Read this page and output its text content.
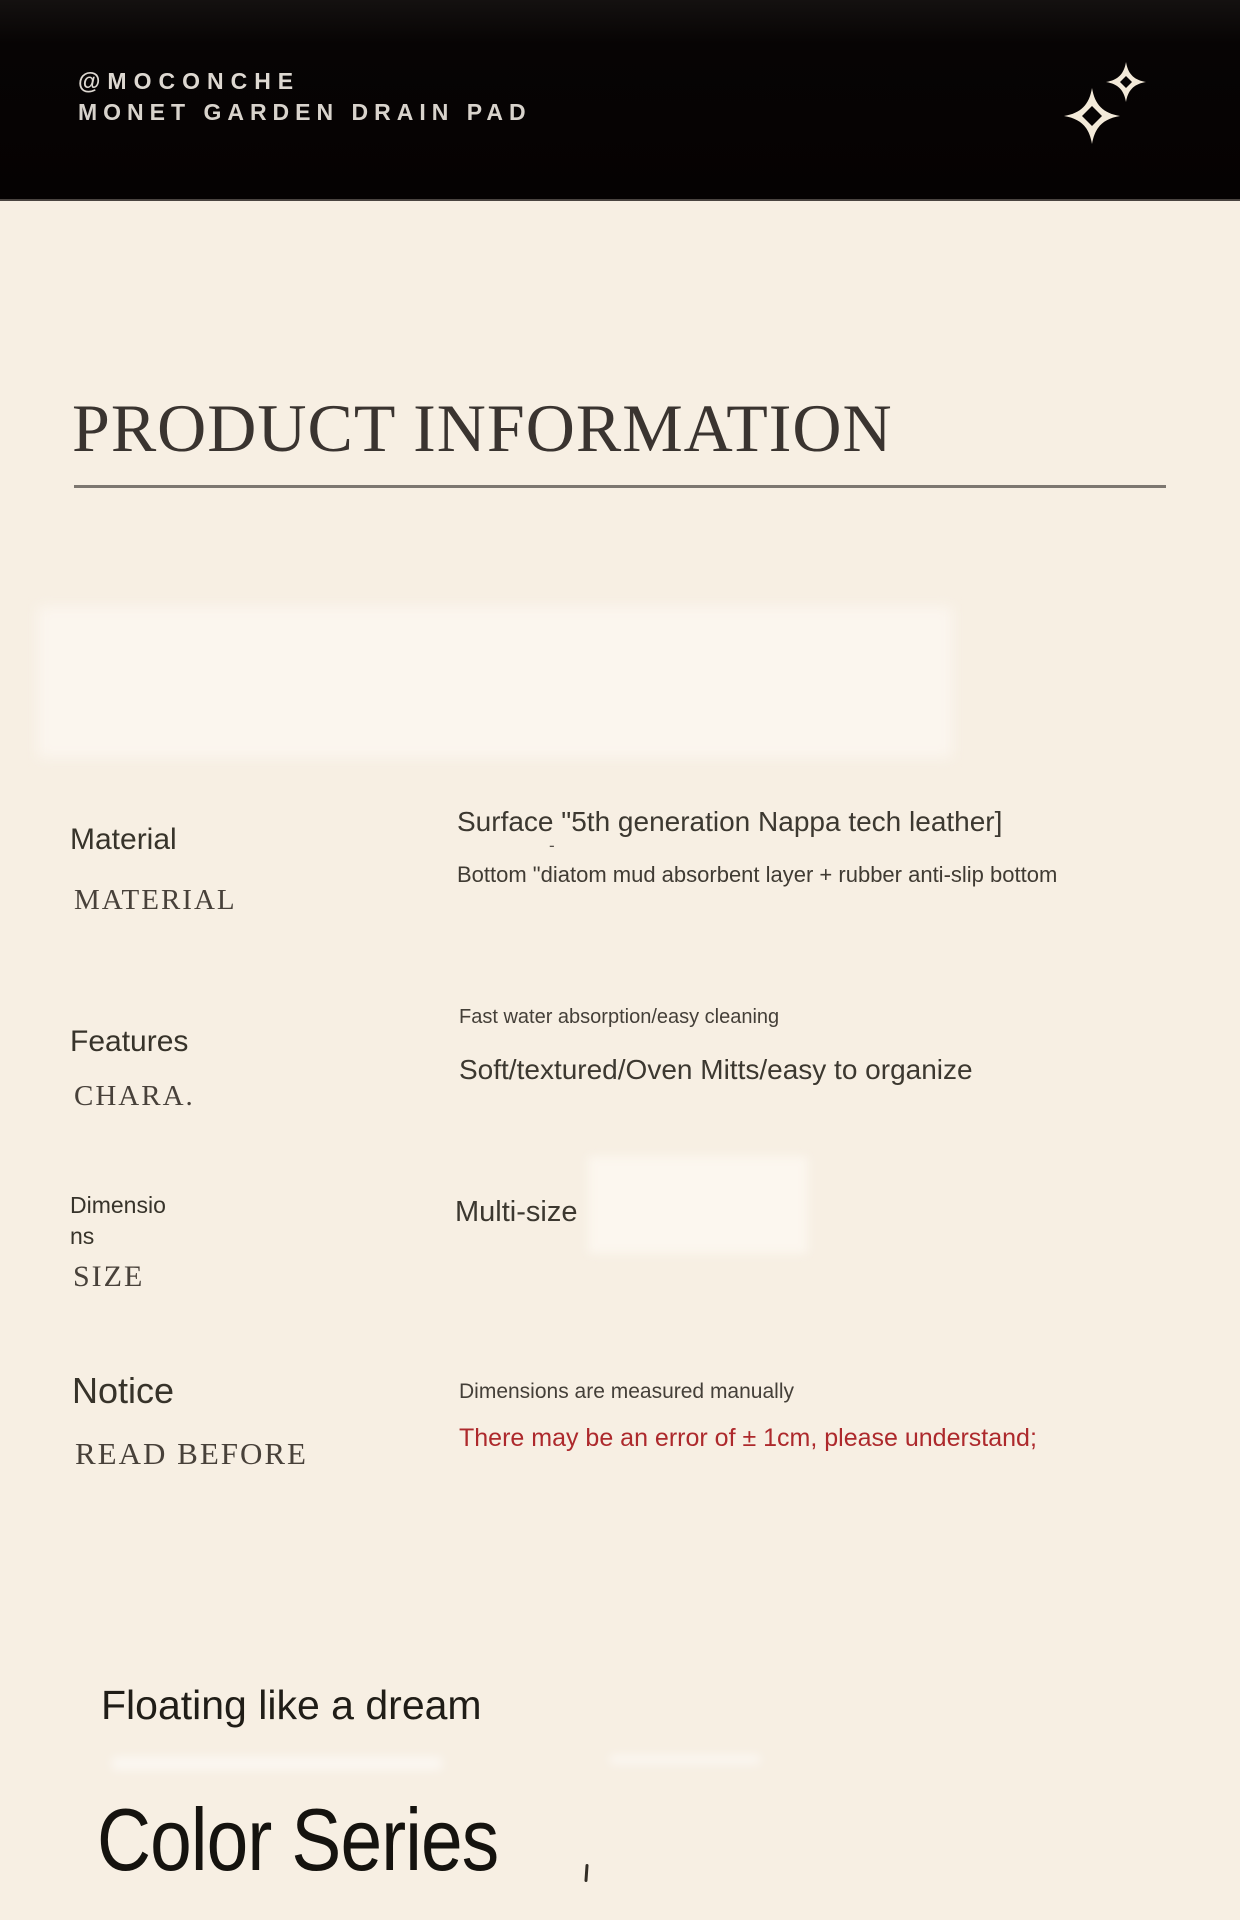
@MOCONCHE
MONET GARDEN DRAIN PAD
PRODUCT INFORMATION
Material
MATERIAL
Surface "5th generation Nappa tech leather]
-
Bottom "diatom mud absorbent layer + rubber anti-slip bottom
Fast water absorption/easy cleaning
Features
Soft/textured/Oven Mitts/easy to organize
CHARA.
Dimensio
ns
Multi-size
SIZE
Notice	Dimensions are measured manually
There may be an error of ± 1cm, please understand;
READ BEFORE
Floating like a dream
Color Series
